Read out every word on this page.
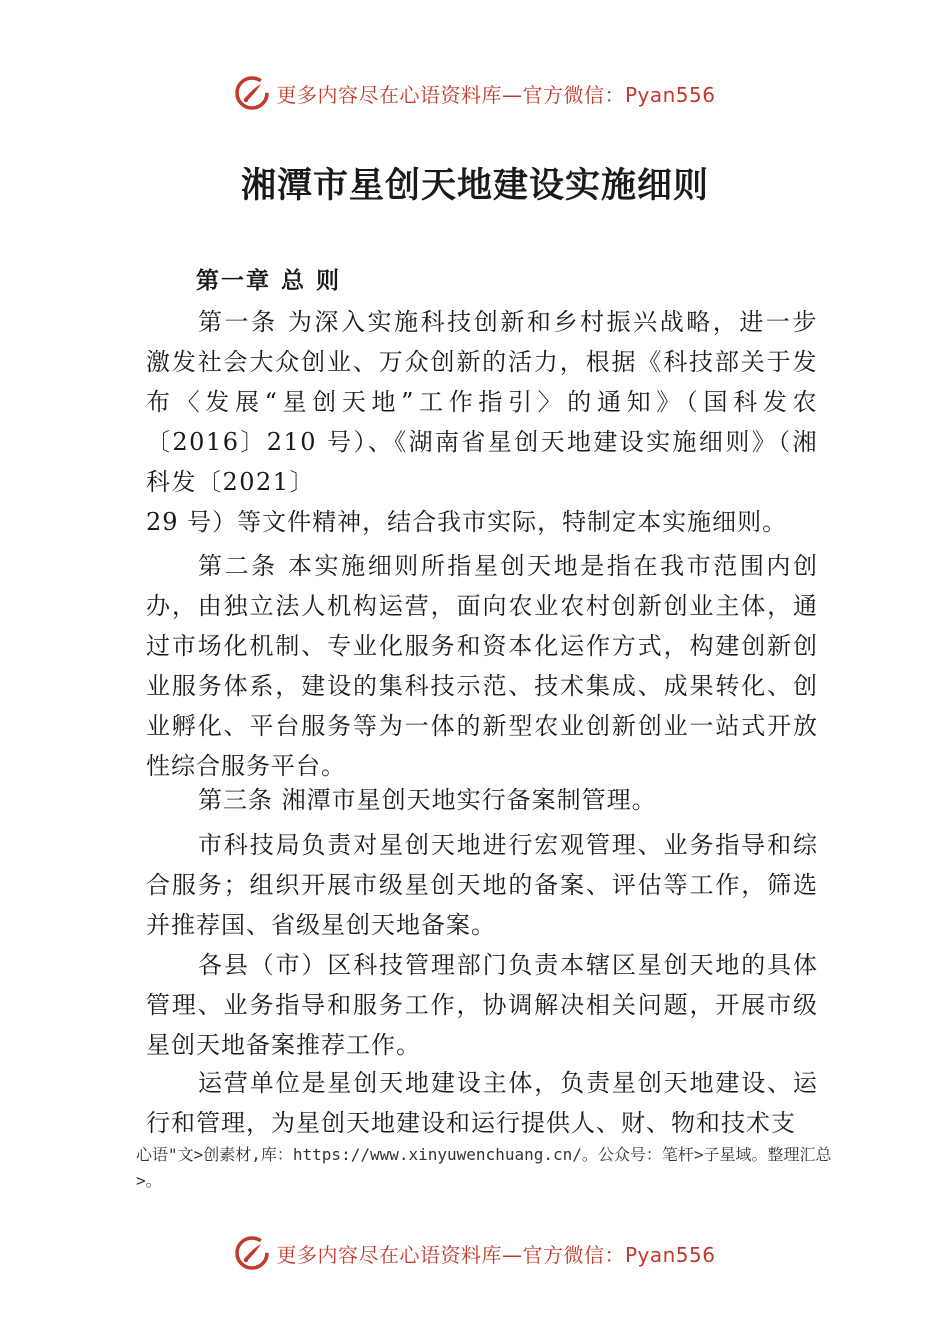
更多内容尽在心语资料库—官方微信：Pyan556
湘潭市星创天地建设实施细则
第一章 总 则

第一条 为深入实施科技创新和乡村振兴战略，进一步激发社会大众创业、万众创新的活力，根据《科技部关于发布〈发展“星创天地”工作指引〉的通知》（国科发农〔2016〕210 号）、《湖南省星创天地建设实施细则》（湘科发〔2021〕

29 号）等文件精神，结合我市实际，特制定本实施细则。

第二条 本实施细则所指星创天地是指在我市范围内创办，由独立法人机构运营，面向农业农村创新创业主体，通过市场化机制、专业化服务和资本化运作方式，构建创新创业服务体系，建设的集科技示范、技术集成、成果转化、创业孵化、平台服务等为一体的新型农业创新创业一站式开放性综合服务平台。

第三条 湘潭市星创天地实行备案制管理。

市科技局负责对星创天地进行宏观管理、业务指导和综合服务；组织开展市级星创天地的备案、评估等工作，筛选并推荐国、省级星创天地备案。

各县（市）区科技管理部门负责本辖区星创天地的具体管理、业务指导和服务工作，协调解决相关问题，开展市级星创天地备案推荐工作。

运营单位是星创天地建设主体，负责星创天地建设、运行和管理，为星创天地建设和运行提供人、财、物和技术支

心语"文>创素材,库：https://www.xinyuwenchuang.cn/。公众号：笔杆>子星域。整理汇总>。

更多内容尽在心语资料库—官方微信：Pyan556
